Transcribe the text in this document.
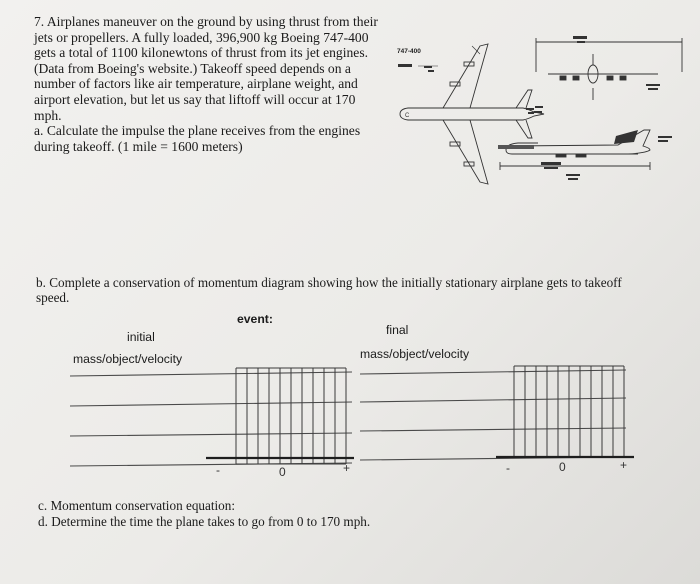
7. Airplanes maneuver on the ground by using thrust from their jets or propellers. A fully loaded, 396,900 kg Boeing 747-400 gets a total of 1100 kilonewtons of thrust from its jet engines. (Data from Boeing's website.) Takeoff speed depends on a number of factors like air temperature, airplane weight, and airport elevation, but let us say that liftoff will occur at 170 mph.

a. Calculate the impulse the plane receives from the engines during takeoff. (1 mile = 1600 meters)

747-400
C
b. Complete a conservation of momentum diagram showing how the initially stationary airplane gets to takeoff speed.
event:
initial	final
mass/object/velocity	mass/object/velocity
-	0	+	-	0	+

c. Momentum conservation equation:

d. Determine the time the plane takes to go from 0 to 170 mph.
